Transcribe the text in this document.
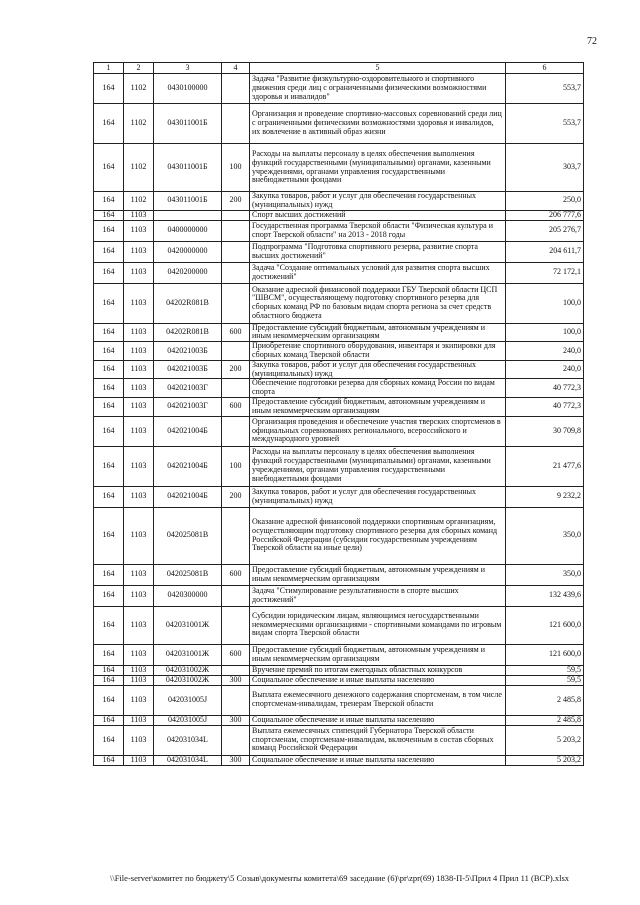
72
1	2	3	4	5	6
164	1102	0430100000		Задача "Развитие физкультурно-оздоровительного и спортивного движения среди лиц с ограниченными физическими возможностями здоровья и инвалидов"	553,7
164	1102	043011001Б		Организация и проведение спортивно-массовых соревнований среди лиц с ограниченными физическими возможностями здоровья и инвалидов, их вовлечение в активный образ жизни	553,7
164	1102	043011001Б	100	Расходы на выплаты персоналу в целях обеспечения выполнения функций государственными (муниципальными) органами, казенными учреждениями, органами управления государственными внебюджетными фондами	303,7
164	1102	043011001Б	200	Закупка товаров, работ и услуг для обеспечения государственных (муниципальных) нужд	250,0
164	1103			Спорт высших достижений	206 777,6
164	1103	0400000000		Государственная программа Тверской области "Физическая культура и спорт Тверской области" на 2013 - 2018 годы	205 276,7
164	1103	0420000000		Подпрограмма "Подготовка спортивного резерва, развитие спорта высших достижений"	204 611,7
164	1103	0420200000		Задача "Создание оптимальных условий для развития спорта высших достижений"	72 172,1
164	1103	04202R081В		Оказание адресной финансовой поддержки ГБУ Тверской области ЦСП "ШВСМ", осуществляющему подготовку спортивного резерва для сборных команд РФ по базовым видам спорта региона за счет средств областного бюджета	100,0
164	1103	04202R081В	600	Предоставление субсидий бюджетным, автономным учреждениям и иным некоммерческим организациям	100,0
164	1103	042021003Б		Приобретение спортивного оборудования, инвентаря и экипировки для сборных команд Тверской области	240,0
164	1103	042021003Б	200	Закупка товаров, работ и услуг для обеспечения государственных (муниципальных) нужд	240,0
164	1103	042021003Г		Обеспечение подготовки резерва для сборных команд России по видам спорта	40 772,3
164	1103	042021003Г	600	Предоставление субсидий бюджетным, автономным учреждениям и иным некоммерческим организациям	40 772,3
164	1103	042021004Б		Организация проведения и обеспечение участия тверских спортсменов в официальных соревнованиях регионального, всероссийского и международного уровней	30 709,8
164	1103	042021004Б	100	Расходы на выплаты персоналу в целях обеспечения выполнения функций государственными (муниципальными) органами, казенными учреждениями, органами управления государственными внебюджетными фондами	21 477,6
164	1103	042021004Б	200	Закупка товаров, работ и услуг для обеспечения государственных (муниципальных) нужд	9 232,2
164	1103	042025081В		Оказание адресной финансовой поддержки спортивным организациям, осуществляющим подготовку спортивного резерва для сборных команд Российской Федерации (субсидии государственным учреждениям Тверской области на иные цели)	350,0
164	1103	042025081В	600	Предоставление субсидий бюджетным, автономным учреждениям и иным некоммерческим организациям	350,0
164	1103	0420300000		Задача "Стимулирование результативности в спорте высших достижений"	132 439,6
164	1103	042031001Ж		Субсидии юридическим лицам, являющимся негосударственными некоммерческими организациями - спортивными командами по игровым видам спорта Тверской области	121 600,0
164	1103	042031001Ж	600	Предоставление субсидий бюджетным, автономным учреждениям и иным некоммерческим организациям	121 600,0
164	1103	042031002Ж		Вручение премий по итогам ежегодных областных конкурсов	59,5
164	1103	042031002Ж	300	Социальное обеспечение и иные выплаты населению	59,5
164	1103	042031005J		Выплата ежемесячного денежного содержания спортсменам, в том числе спортсменам-инвалидам, тренерам Тверской области	2 485,8
164	1103	042031005J	300	Социальное обеспечение и иные выплаты населению	2 485,8
164	1103	042031034L		Выплата ежемесячных стипендий Губернатора Тверской области спортсменам, спортсменам-инвалидам, включенным в состав сборных команд Российской Федерации	5 203,2
164	1103	042031034L	300	Социальное обеспечение и иные выплаты населению	5 203,2
\\File-server\комитет по бюджету\5 Созыв\документы комитета\69 заседание (6)\pr\zpr(69) 1838-П-5\Прил 4 Прил 11 (ВСР).xlsx
